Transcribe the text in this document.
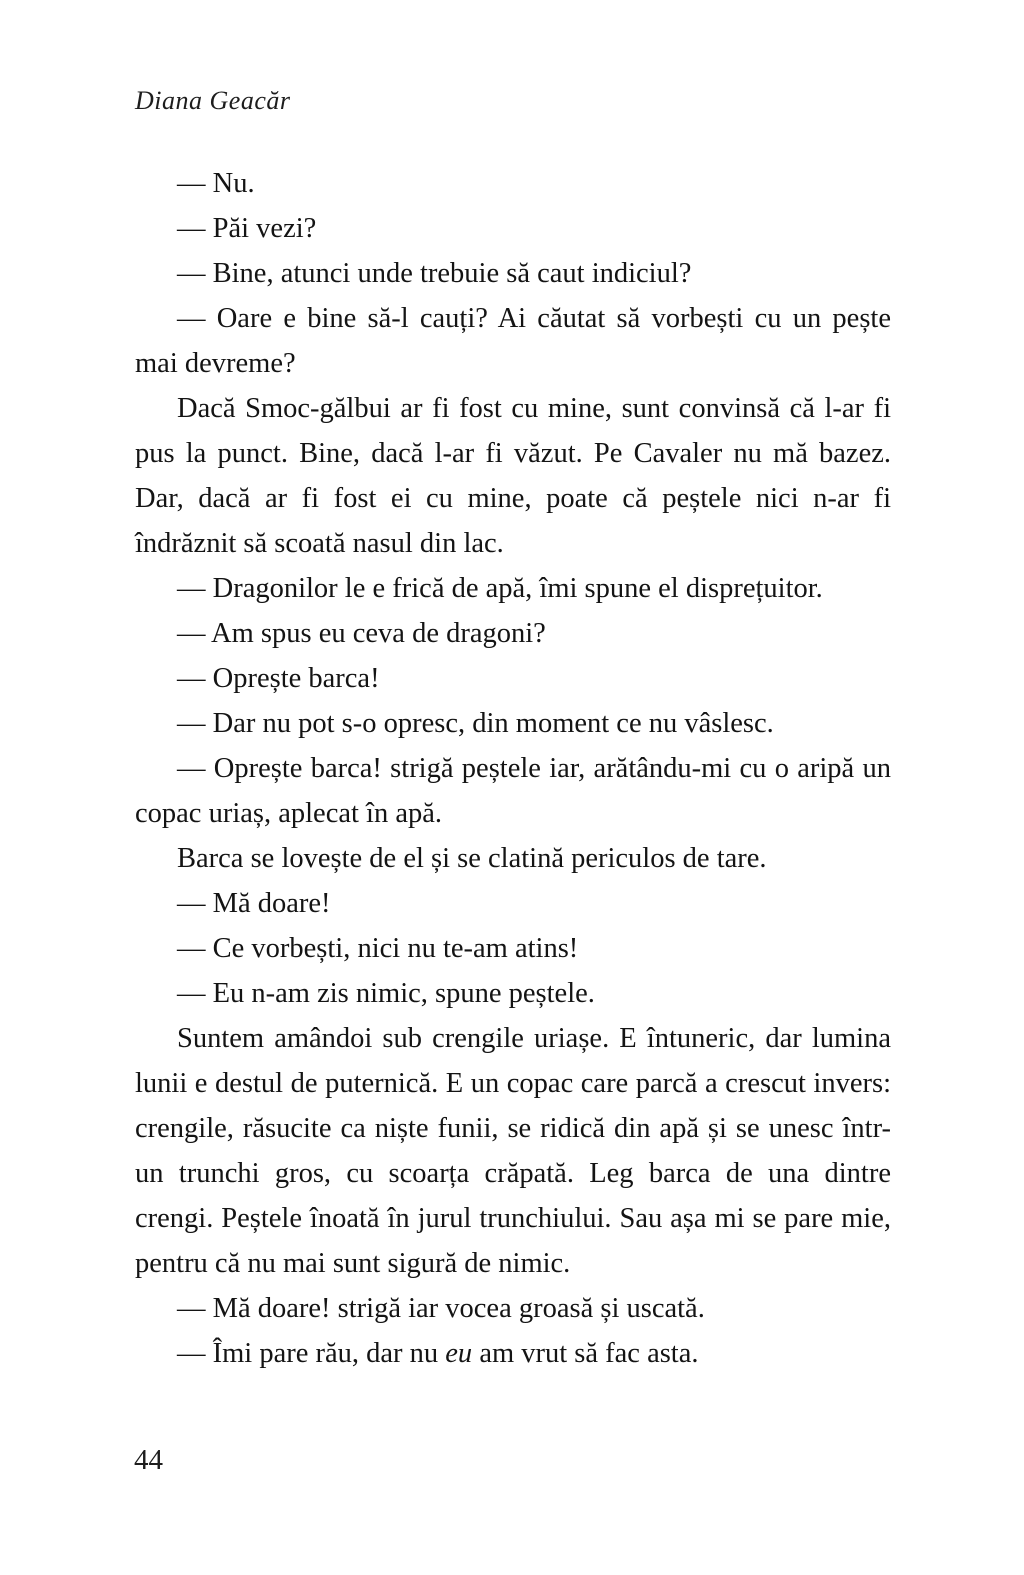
Diana Geacăr

— Nu.

— Păi vezi?

— Bine, atunci unde trebuie să caut indiciul?

— Oare e bine să-l cauți? Ai căutat să vorbești cu un pește mai devreme?

Dacă Smoc-gălbui ar fi fost cu mine, sunt convinsă că l-ar fi pus la punct. Bine, dacă l-ar fi văzut. Pe Cavaler nu mă bazez. Dar, dacă ar fi fost ei cu mine, poate că peștele nici n-ar fi îndrăznit să scoată nasul din lac.

— Dragonilor le e frică de apă, îmi spune el disprețuitor.

— Am spus eu ceva de dragoni?

— Oprește barca!

— Dar nu pot s-o opresc, din moment ce nu vâslesc.

— Oprește barca! strigă peștele iar, arătându-mi cu o aripă un copac uriaș, aplecat în apă.

Barca se lovește de el și se clatină periculos de tare.

— Mă doare!

— Ce vorbești, nici nu te-am atins!

— Eu n-am zis nimic, spune peștele.

Suntem amândoi sub crengile uriașe. E întuneric, dar lumina lunii e destul de puternică. E un copac care parcă a crescut invers: crengile, răsucite ca niște funii, se ridică din apă și se unesc într-un trunchi gros, cu scoarța crăpată. Leg barca de una dintre crengi. Peștele înoată în jurul trunchiului. Sau așa mi se pare mie, pentru că nu mai sunt sigură de nimic.

— Mă doare! strigă iar vocea groasă și uscată.

— Îmi pare rău, dar nu eu am vrut să fac asta.

44
